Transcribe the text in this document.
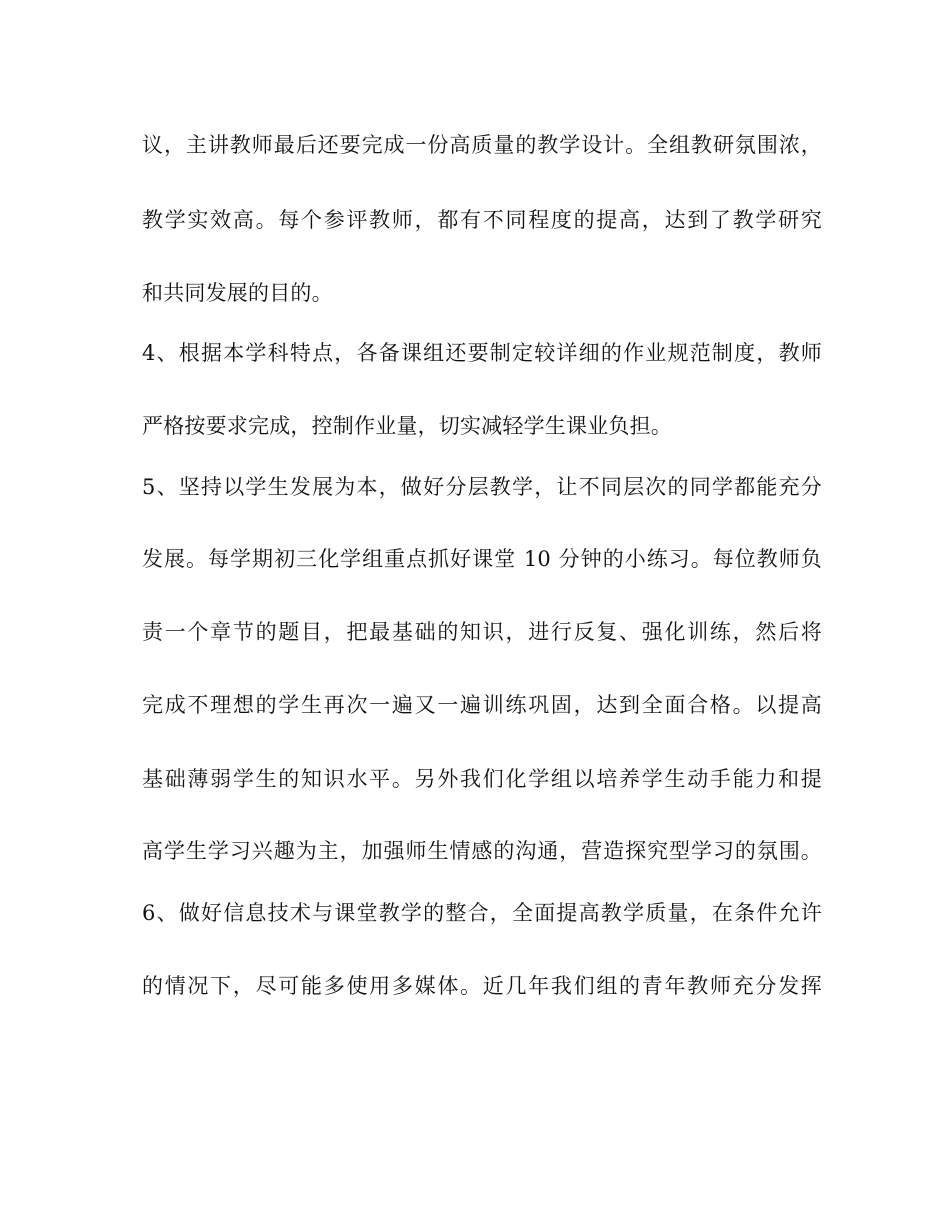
议，主讲教师最后还要完成一份高质量的教学设计。全组教研氛围浓，
教学实效高。每个参评教师，都有不同程度的提高，达到了教学研究
和共同发展的目的。
4、根据本学科特点，各备课组还要制定较详细的作业规范制度，教师
严格按要求完成，控制作业量，切实减轻学生课业负担。
5、坚持以学生发展为本，做好分层教学，让不同层次的同学都能充分
发展。每学期初三化学组重点抓好课堂 10 分钟的小练习。每位教师负
责一个章节的题目，把最基础的知识，进行反复、强化训练，然后将
完成不理想的学生再次一遍又一遍训练巩固，达到全面合格。以提高
基础薄弱学生的知识水平。另外我们化学组以培养学生动手能力和提
高学生学习兴趣为主，加强师生情感的沟通，营造探究型学习的氛围。
6、做好信息技术与课堂教学的整合，全面提高教学质量，在条件允许
的情况下，尽可能多使用多媒体。近几年我们组的青年教师充分发挥
